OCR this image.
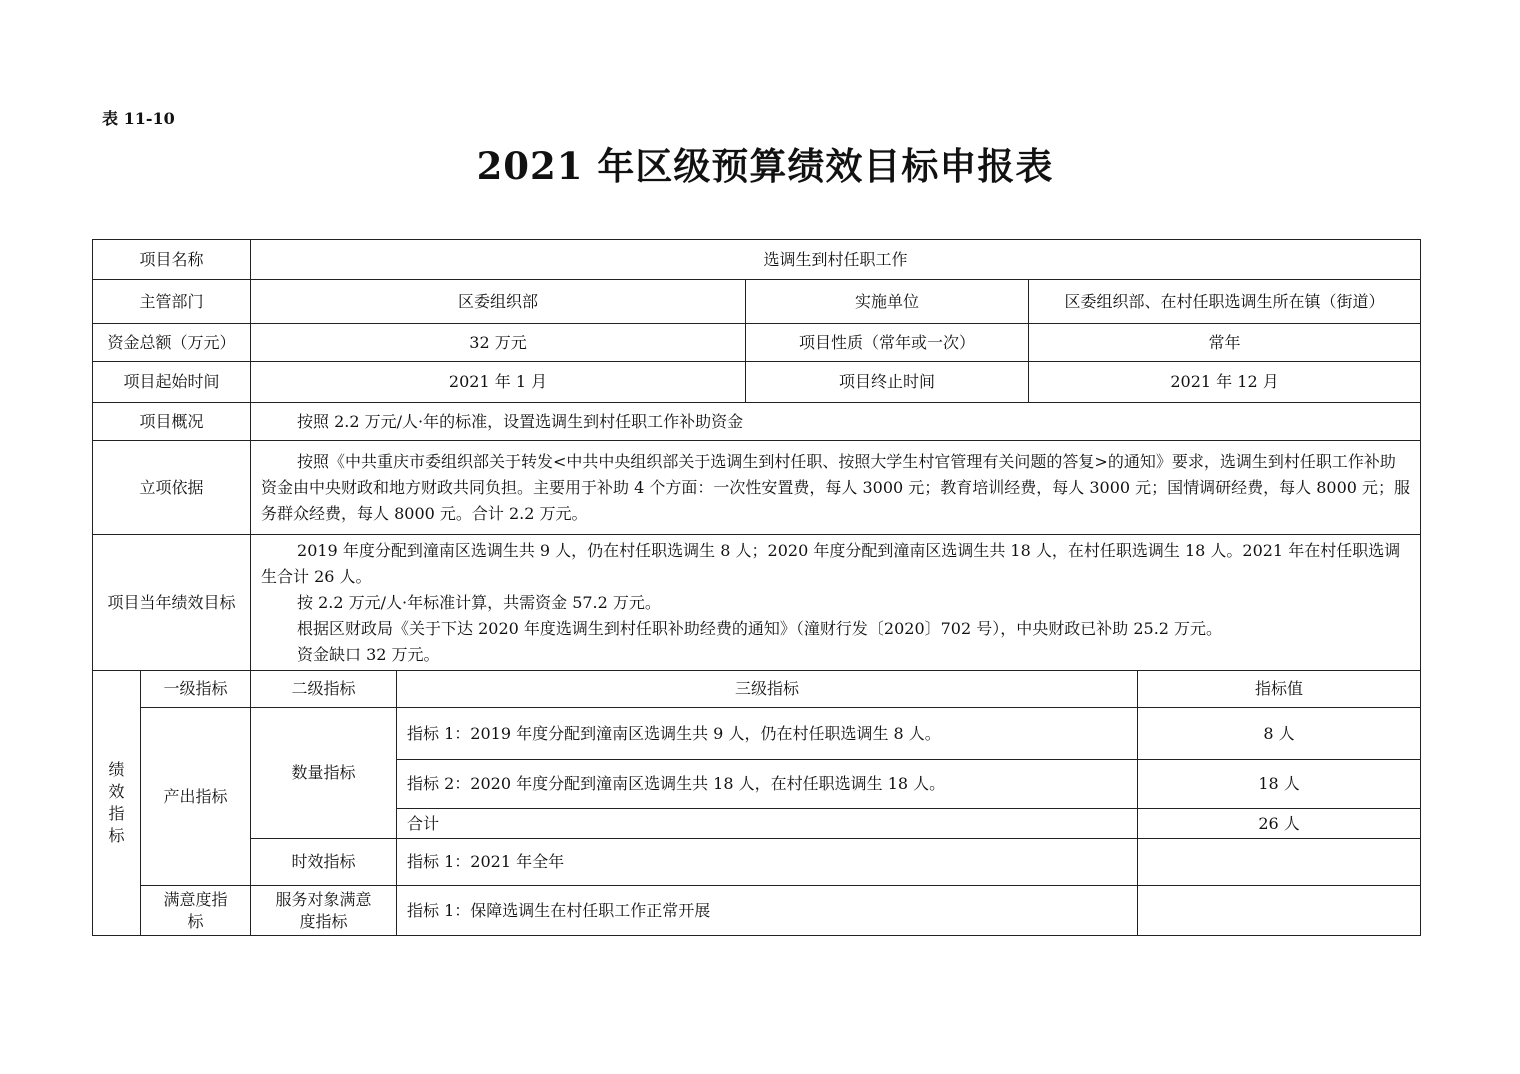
表 11-10
2021 年区级预算绩效目标申报表
项目名称		选调生到村任职工作				
主管部门		区委组织部		实施单位	区委组织部、在村任职选调生所在镇（街道）	
资金总额（万元）		32 万元		项目性质（常年或一次）	常年	
项目起始时间		2021 年 1 月		项目终止时间	2021 年 12 月	
项目概况		按照 2.2 万元/人·年的标准，设置选调生到村任职工作补助资金				
立项依据		按照《中共重庆市委组织部关于转发<中共中央组织部关于选调生到村任职、按照大学生村官管理有关问题的答复>的通知》要求，选调生到村任职工作补助资金由中央财政和地方财政共同负担。主要用于补助 4 个方面：一次性安置费，每人 3000 元；教育培训经费，每人 3000 元；国情调研经费，每人 8000 元；服务群众经费，每人 8000 元。合计 2.2 万元。				
项目当年绩效目标		2019 年度分配到潼南区选调生共 9 人，仍在村任职选调生 8 人；2020 年度分配到潼南区选调生共 18 人，在村任职选调生 18 人。2021 年在村任职选调生合计 26 人。
按 2.2 万元/人·年标准计算，共需资金 57.2 万元。
根据区财政局《关于下达 2020 年度选调生到村任职补助经费的通知》（潼财行发〔2020〕702 号），中央财政已补助 25.2 万元。
资金缺口 32 万元。				

绩效指标	一级指标	二级指标	三级指标			指标值
	产出指标	数量指标	指标 1：2019 年度分配到潼南区选调生共 9 人，仍在村任职选调生 8 人。			8 人
			指标 2：2020 年度分配到潼南区选调生共 18 人，在村任职选调生 18 人。			18 人
			合计			26 人
		时效指标	指标 1：2021 年全年			
	满意度指标	服务对象满意度指标	指标 1：保障选调生在村任职工作正常开展			
